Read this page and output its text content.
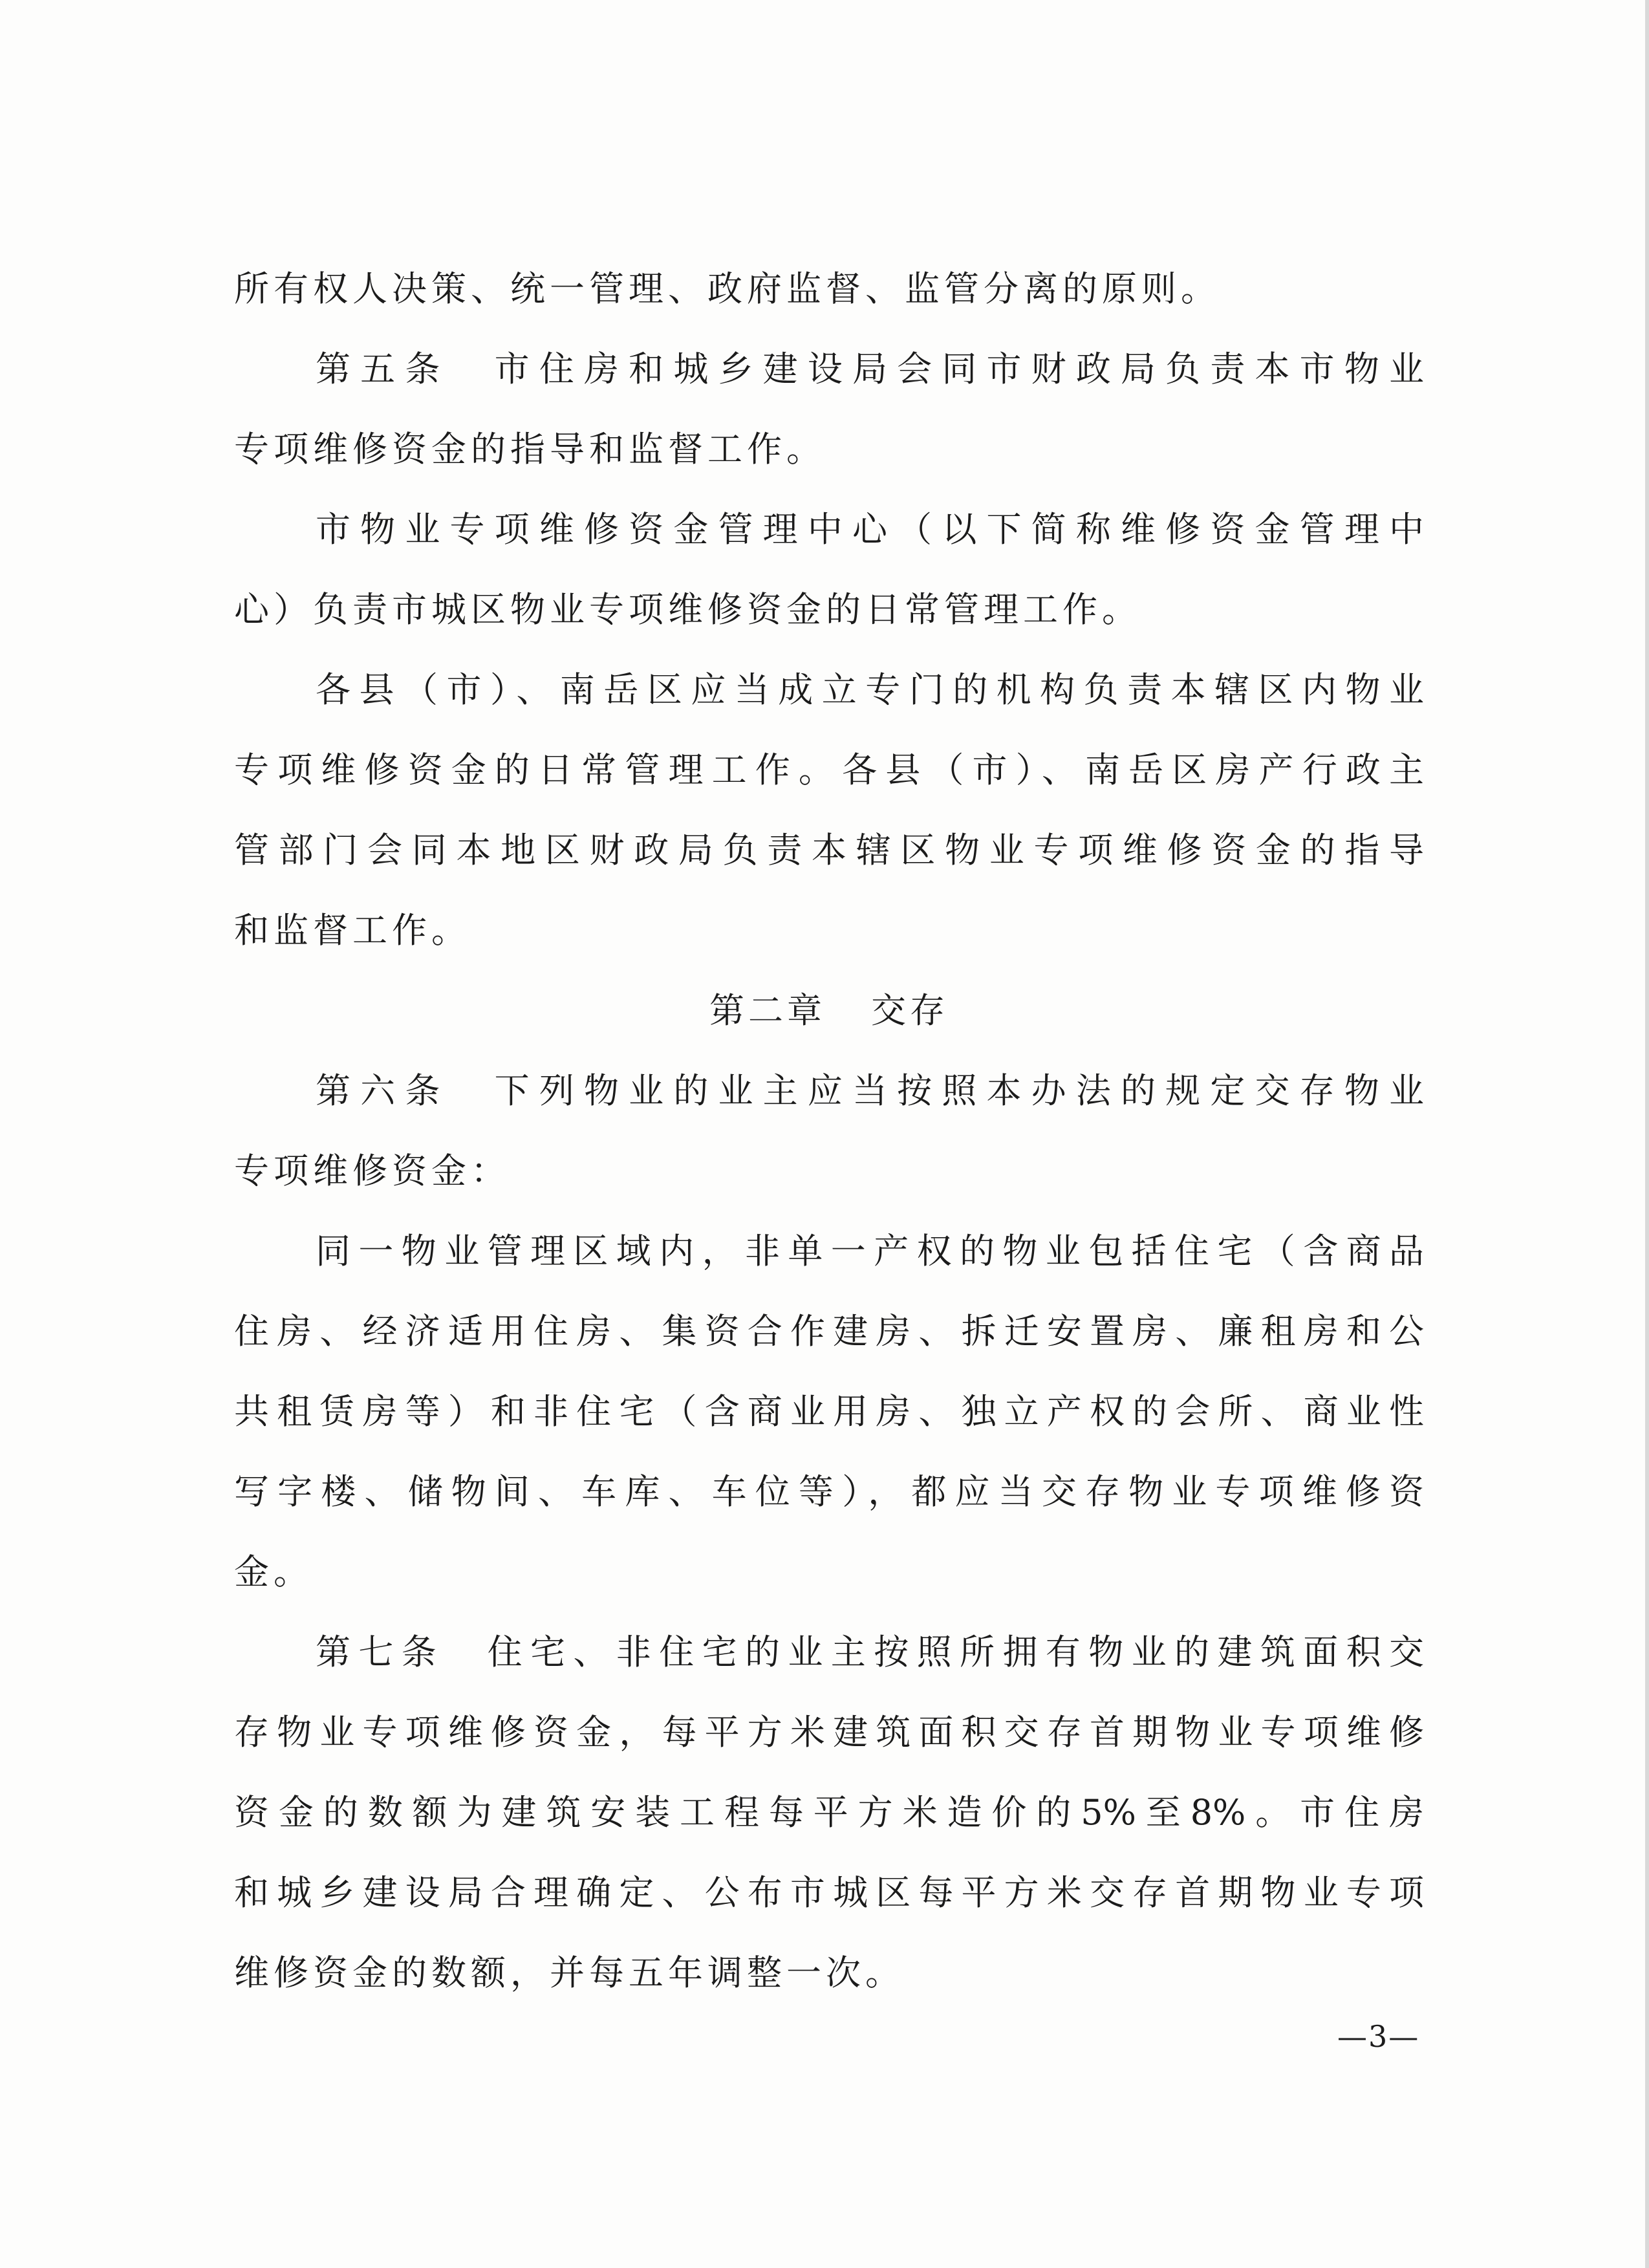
所有权人决策、统一管理、政府监督、监管分离的原则。
第五条　市住房和城乡建设局会同市财政局负责本市物业
专项维修资金的指导和监督工作。
市物业专项维修资金管理中心（以下简称维修资金管理中
心）负责市城区物业专项维修资金的日常管理工作。
各县（市）、南岳区应当成立专门的机构负责本辖区内物业
专项维修资金的日常管理工作。各县（市）、南岳区房产行政主
管部门会同本地区财政局负责本辖区物业专项维修资金的指导
和监督工作。
第二章 交存
第六条　下列物业的业主应当按照本办法的规定交存物业
专项维修资金：
同一物业管理区域内，非单一产权的物业包括住宅（含商品
住房、经济适用住房、集资合作建房、拆迁安置房、廉租房和公
共租赁房等）和非住宅（含商业用房、独立产权的会所、商业性
写字楼、储物间、车库、车位等），都应当交存物业专项维修资
金。
第七条　住宅、非住宅的业主按照所拥有物业的建筑面积交
存物业专项维修资金，每平方米建筑面积交存首期物业专项维修
资金的数额为建筑安装工程每平方米造价的5%至8%。市住房
和城乡建设局合理确定、公布市城区每平方米交存首期物业专项
维修资金的数额，并每五年调整一次。
—3—
